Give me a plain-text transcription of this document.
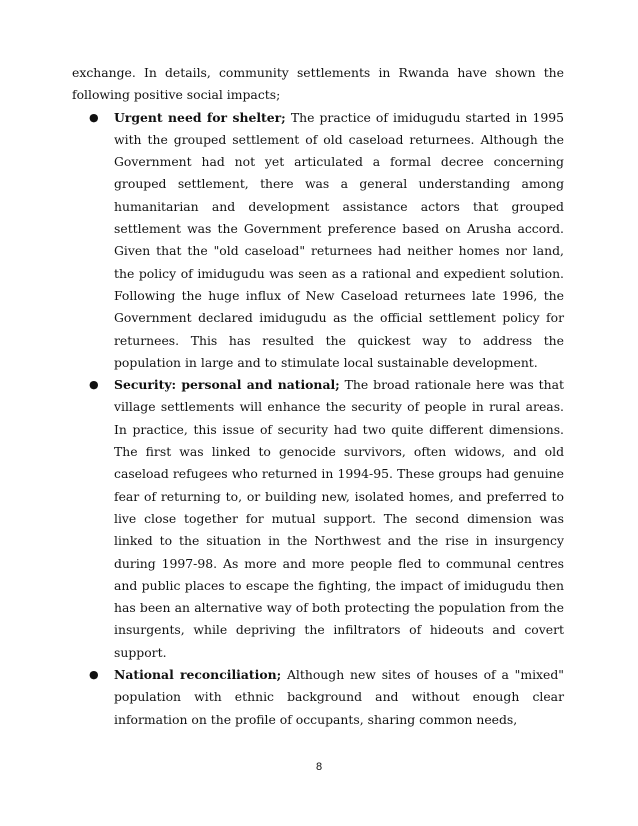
exchange. In details, community settlements in Rwanda have shown the following positive social impacts;

● Urgent need for shelter; The practice of imidugudu started in 1995 with the grouped settlement of old caseload returnees. Although the Government had not yet articulated a formal decree concerning grouped settlement, there was a general understanding among humanitarian and development assistance actors that grouped settlement was the Government preference based on Arusha accord. Given that the "old caseload" returnees had neither homes nor land, the policy of imidugudu was seen as a rational and expedient solution. Following the huge influx of New Caseload returnees late 1996, the Government declared imidugudu as the official settlement policy for returnees. This has resulted the quickest way to address the population in large and to stimulate local sustainable development.
● Security: personal and national; The broad rationale here was that village settlements will enhance the security of people in rural areas. In practice, this issue of security had two quite different dimensions. The first was linked to genocide survivors, often widows, and old caseload refugees who returned in 1994-95. These groups had genuine fear of returning to, or building new, isolated homes, and preferred to live close together for mutual support. The second dimension was linked to the situation in the Northwest and the rise in insurgency during 1997-98. As more and more people fled to communal centres and public places to escape the fighting, the impact of imidugudu then has been an alternative way of both protecting the population from the insurgents, while depriving the infiltrators of hideouts and covert support.
● National reconciliation; Although new sites of houses of a "mixed" population with ethnic background and without enough clear information on the profile of occupants, sharing common needs,
8
